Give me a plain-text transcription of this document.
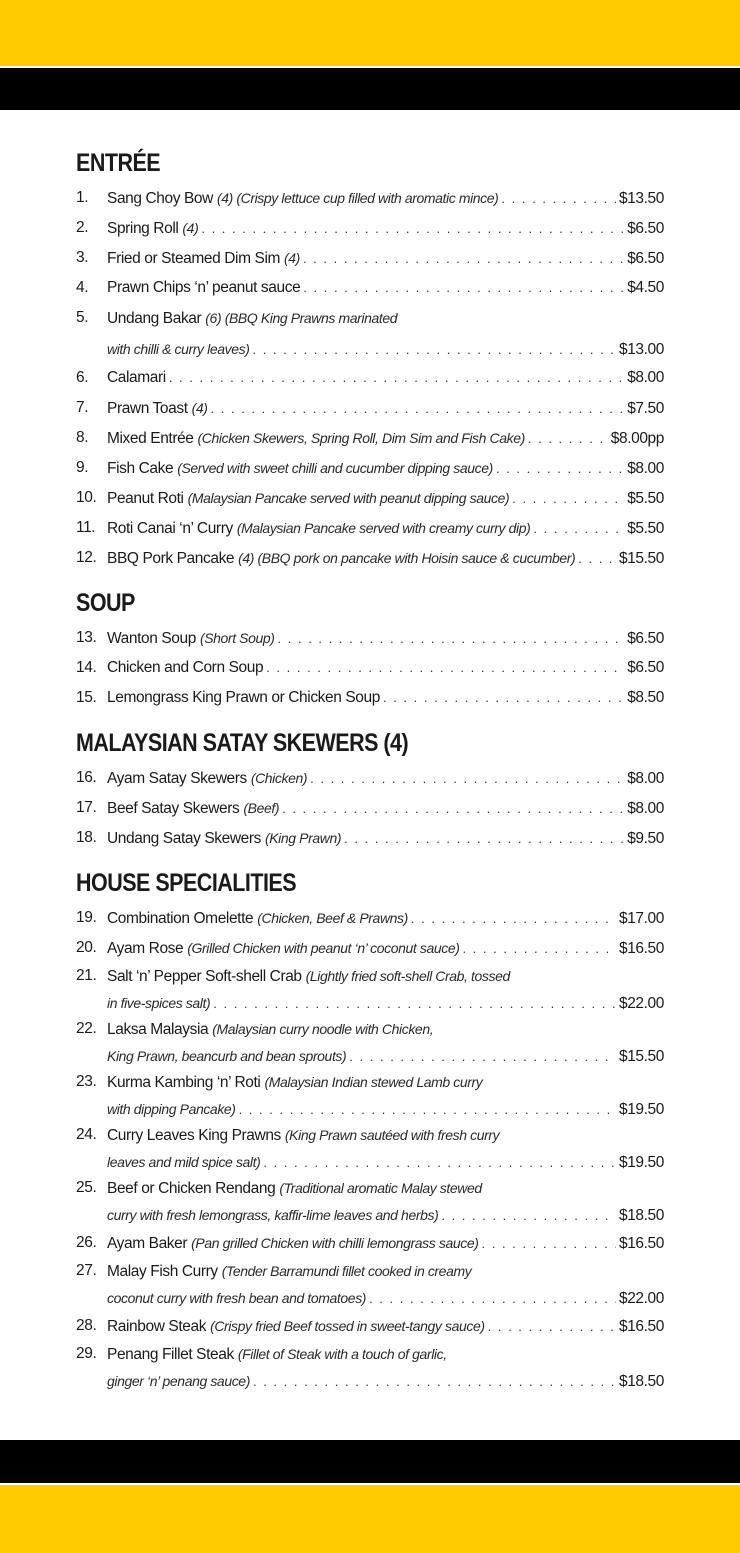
ENTRÉE
1.	Sang Choy Bow (4) (Crispy lettuce cup filled with aromatic mince) . . .	$13.50
2.	Spring Roll (4) . . .	$6.50
3.	Fried or Steamed Dim Sim (4) . . .	$6.50
4.	Prawn Chips ‘n’ peanut sauce . . .	$4.50
5.	Undang Bakar (6) (BBQ King Prawns marinated
with chilli & curry leaves) . . .	$13.00
6.	Calamari . . .	$8.00
7.	Prawn Toast (4) . . .	$7.50
8.	Mixed Entrée (Chicken Skewers, Spring Roll, Dim Sim and Fish Cake) . . .	$8.00pp
9.	Fish Cake (Served with sweet chilli and cucumber dipping sauce) . . .	$8.00
10. Peanut Roti (Malaysian Pancake served with peanut dipping sauce) . . .	$5.50
11. Roti Canai ‘n’ Curry (Malaysian Pancake served with creamy curry dip) . . .	$5.50
12. BBQ Pork Pancake (4) (BBQ pork on pancake with Hoisin sauce & cucumber) . . .	$15.50
SOUP
13. Wanton Soup (Short Soup) . . .	$6.50
14. Chicken and Corn Soup . . .	$6.50
15. Lemongrass King Prawn or Chicken Soup . . .	$8.50
MALAYSIAN SATAY SKEWERS (4)
16. Ayam Satay Skewers (Chicken) . . .	$8.00
17. Beef Satay Skewers (Beef) . . .	$8.00
18. Undang Satay Skewers (King Prawn) . . .	$9.50
HOUSE SPECIALITIES
19. Combination Omelette (Chicken, Beef & Prawns) . . .	$17.00
20. Ayam Rose (Grilled Chicken with peanut ‘n’ coconut sauce) . . .	$16.50
21. Salt ‘n’ Pepper Soft-shell Crab (Lightly fried soft-shell Crab, tossed
in five-spices salt) . . .	$22.00
22. Laksa Malaysia (Malaysian curry noodle with Chicken,
King Prawn, beancurb and bean sprouts) . . .	$15.50
23. Kurma Kambing ‘n’ Roti (Malaysian Indian stewed Lamb curry
with dipping Pancake) . . .	$19.50
24. Curry Leaves King Prawns (King Prawn sautéed with fresh curry
leaves and mild spice salt) . . .	$19.50
25. Beef or Chicken Rendang (Traditional aromatic Malay stewed
curry with fresh lemongrass, kaffir-lime leaves and herbs) . . .	$18.50
26. Ayam Baker (Pan grilled Chicken with chilli lemongrass sauce) . . .	$16.50
27. Malay Fish Curry (Tender Barramundi fillet cooked in creamy
coconut curry with fresh bean and tomatoes) . . .	$22.00
28. Rainbow Steak (Crispy fried Beef tossed in sweet-tangy sauce) . . .	$16.50
29. Penang Fillet Steak (Fillet of Steak with a touch of garlic,
ginger ‘n’ penang sauce) . . .	$18.50
